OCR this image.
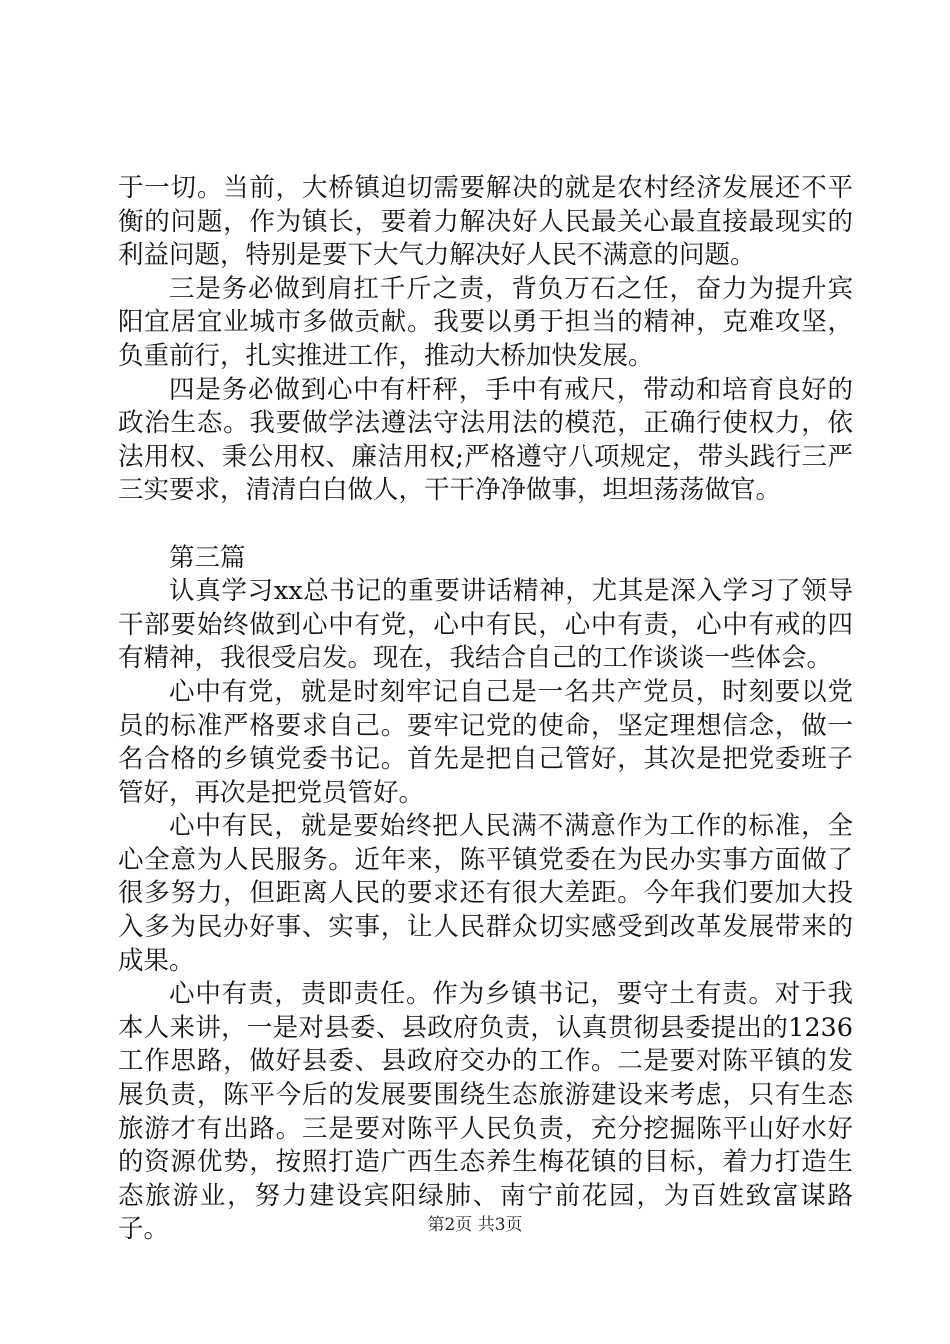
于一切。当前，大桥镇迫切需要解决的就是农村经济发展还不平衡的问题，作为镇长，要着力解决好人民最关心最直接最现实的利益问题，特别是要下大气力解决好人民不满意的问题。

三是务必做到肩扛千斤之责，背负万石之任，奋力为提升宾阳宜居宜业城市多做贡献。我要以勇于担当的精神，克难攻坚，负重前行，扎实推进工作，推动大桥加快发展。

四是务必做到心中有杆秤，手中有戒尺，带动和培育良好的政治生态。我要做学法遵法守法用法的模范，正确行使权力，依法用权、秉公用权、廉洁用权;严格遵守八项规定，带头践行三严三实要求，清清白白做人，干干净净做事，坦坦荡荡做官。

第三篇

认真学习xx总书记的重要讲话精神，尤其是深入学习了领导干部要始终做到心中有党，心中有民，心中有责，心中有戒的四有精神，我很受启发。现在，我结合自己的工作谈谈一些体会。

心中有党，就是时刻牢记自己是一名共产党员，时刻要以党员的标准严格要求自己。要牢记党的使命，坚定理想信念，做一名合格的乡镇党委书记。首先是把自己管好，其次是把党委班子管好，再次是把党员管好。

心中有民，就是要始终把人民满不满意作为工作的标准，全心全意为人民服务。近年来，陈平镇党委在为民办实事方面做了很多努力，但距离人民的要求还有很大差距。今年我们要加大投入多为民办好事、实事，让人民群众切实感受到改革发展带来的成果。

心中有责，责即责任。作为乡镇书记，要守土有责。对于我本人来讲，一是对县委、县政府负责，认真贯彻县委提出的1236工作思路，做好县委、县政府交办的工作。二是要对陈平镇的发展负责，陈平今后的发展要围绕生态旅游建设来考虑，只有生态旅游才有出路。三是要对陈平人民负责，充分挖掘陈平山好水好的资源优势，按照打造广西生态养生梅花镇的目标，着力打造生态旅游业，努力建设宾阳绿肺、南宁前花园，为百姓致富谋路子。	第2页 共3页
